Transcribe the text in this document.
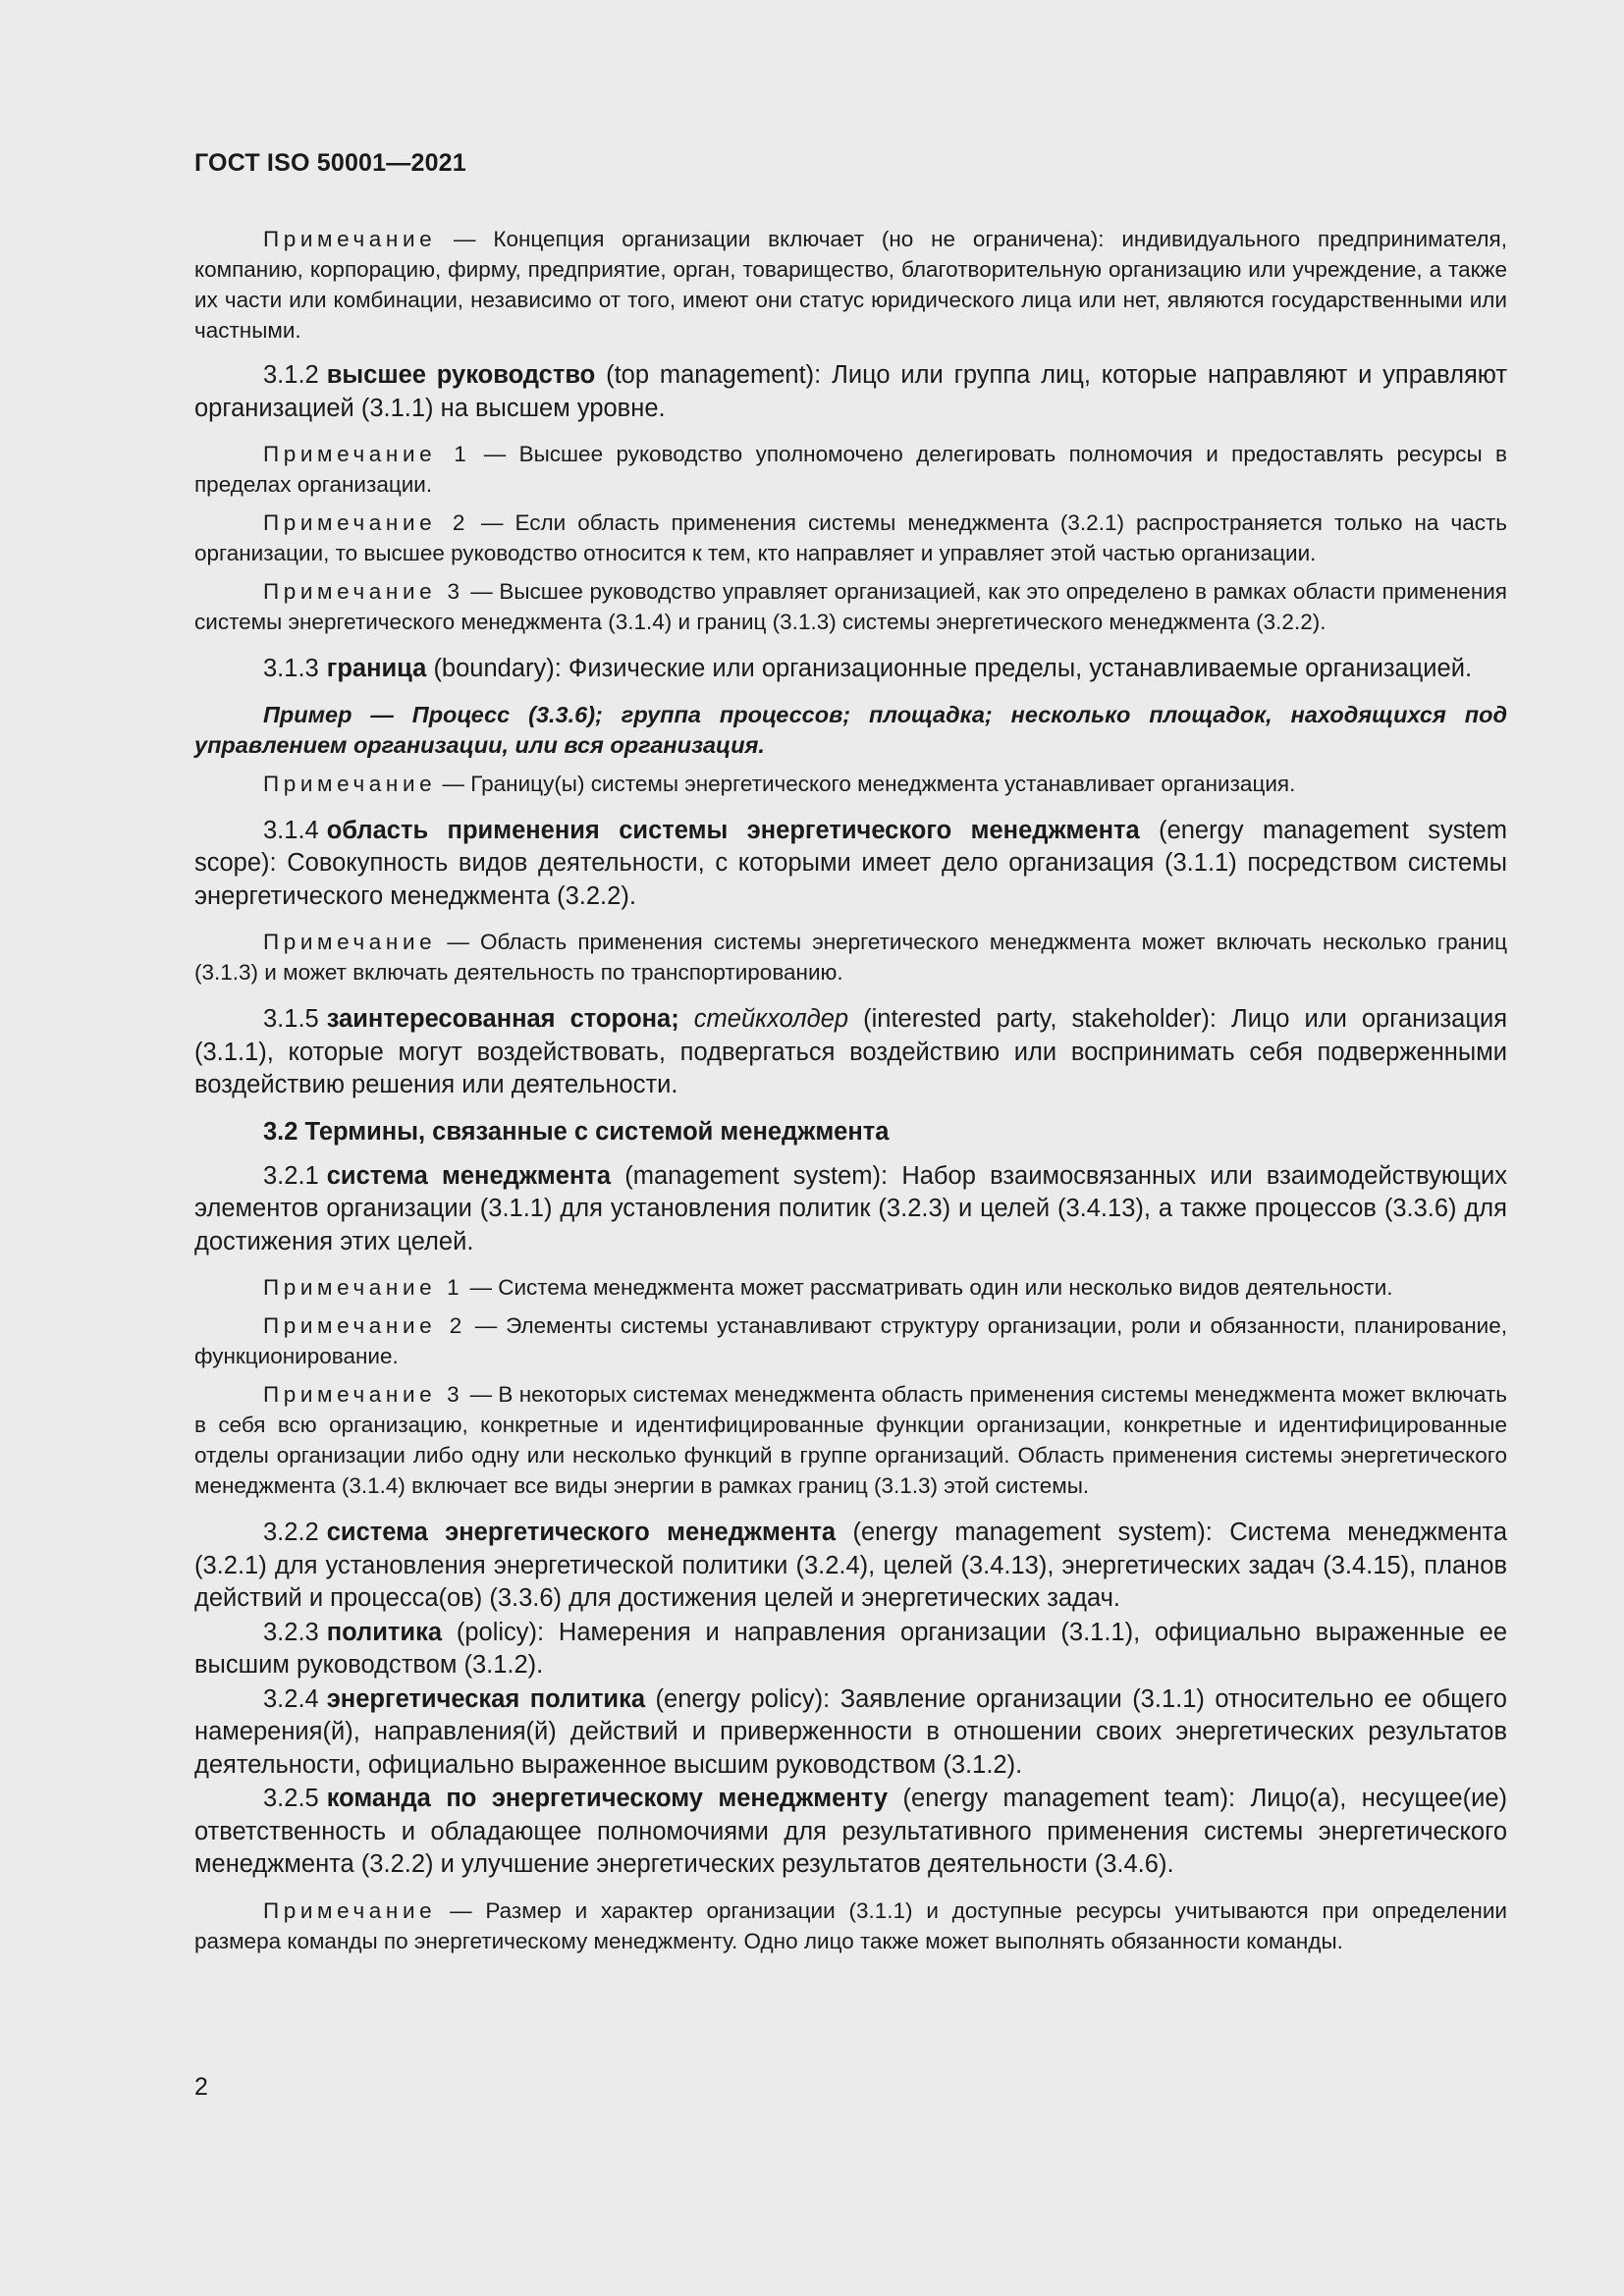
ГОСТ ISO 50001—2021

Примечание — Концепция организации включает (но не ограничена): индивидуального предпринимателя, компанию, корпорацию, фирму, предприятие, орган, товарищество, благотворительную организацию или учреждение, а также их части или комбинации, независимо от того, имеют они статус юридического лица или нет, являются государственными или частными.

3.1.2 высшее руководство (top management): Лицо или группа лиц, которые направляют и управляют организацией (3.1.1) на высшем уровне.

Примечание 1 — Высшее руководство уполномочено делегировать полномочия и предоставлять ресурсы в пределах организации.

Примечание 2 — Если область применения системы менеджмента (3.2.1) распространяется только на часть организации, то высшее руководство относится к тем, кто направляет и управляет этой частью организации.

Примечание 3 — Высшее руководство управляет организацией, как это определено в рамках области применения системы энергетического менеджмента (3.1.4) и границ (3.1.3) системы энергетического менеджмента (3.2.2).

3.1.3 граница (boundary): Физические или организационные пределы, устанавливаемые организацией.

Пример — Процесс (3.3.6); группа процессов; площадка; несколько площадок, находящихся под управлением организации, или вся организация.

Примечание — Границу(ы) системы энергетического менеджмента устанавливает организация.

3.1.4 область применения системы энергетического менеджмента (energy management system scope): Совокупность видов деятельности, с которыми имеет дело организация (3.1.1) посредством системы энергетического менеджмента (3.2.2).

Примечание — Область применения системы энергетического менеджмента может включать несколько границ (3.1.3) и может включать деятельность по транспортированию.

3.1.5 заинтересованная сторона; стейкхолдер (interested party, stakeholder): Лицо или организация (3.1.1), которые могут воздействовать, подвергаться воздействию или воспринимать себя подверженными воздействию решения или деятельности.

3.2 Термины, связанные с системой менеджмента

3.2.1 система менеджмента (management system): Набор взаимосвязанных или взаимодействующих элементов организации (3.1.1) для установления политик (3.2.3) и целей (3.4.13), а также процессов (3.3.6) для достижения этих целей.

Примечание 1 — Система менеджмента может рассматривать один или несколько видов деятельности.

Примечание 2 — Элементы системы устанавливают структуру организации, роли и обязанности, планирование, функционирование.

Примечание 3 — В некоторых системах менеджмента область применения системы менеджмента может включать в себя всю организацию, конкретные и идентифицированные функции организации, конкретные и идентифицированные отделы организации либо одну или несколько функций в группе организаций. Область применения системы энергетического менеджмента (3.1.4) включает все виды энергии в рамках границ (3.1.3) этой системы.

3.2.2 система энергетического менеджмента (energy management system): Система менеджмента (3.2.1) для установления энергетической политики (3.2.4), целей (3.4.13), энергетических задач (3.4.15), планов действий и процесса(ов) (3.3.6) для достижения целей и энергетических задач.

3.2.3 политика (policy): Намерения и направления организации (3.1.1), официально выраженные ее высшим руководством (3.1.2).

3.2.4 энергетическая политика (energy policy): Заявление организации (3.1.1) относительно ее общего намерения(й), направления(й) действий и приверженности в отношении своих энергетических результатов деятельности, официально выраженное высшим руководством (3.1.2).

3.2.5 команда по энергетическому менеджменту (energy management team): Лицо(а), несущее(ие) ответственность и обладающее полномочиями для результативного применения системы энергетического менеджмента (3.2.2) и улучшение энергетических результатов деятельности (3.4.6).

Примечание — Размер и характер организации (3.1.1) и доступные ресурсы учитываются при определении размера команды по энергетическому менеджменту. Одно лицо также может выполнять обязанности команды.

2
